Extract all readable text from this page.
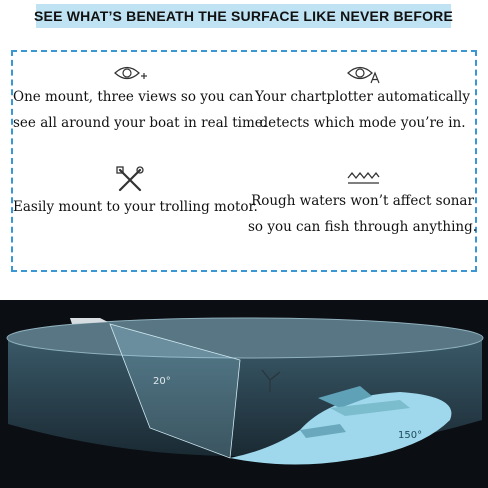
SEE WHAT’S BENEATH THE SURFACE LIKE NEVER BEFORE
One mount, three views so you can
see all around your boat in real time.
Your chartplotter automatically
detects which mode you’re in.
Easily mount to your trolling motor.
Rough waters won’t affect sonar
so you can fish through anything.
20°
150°
